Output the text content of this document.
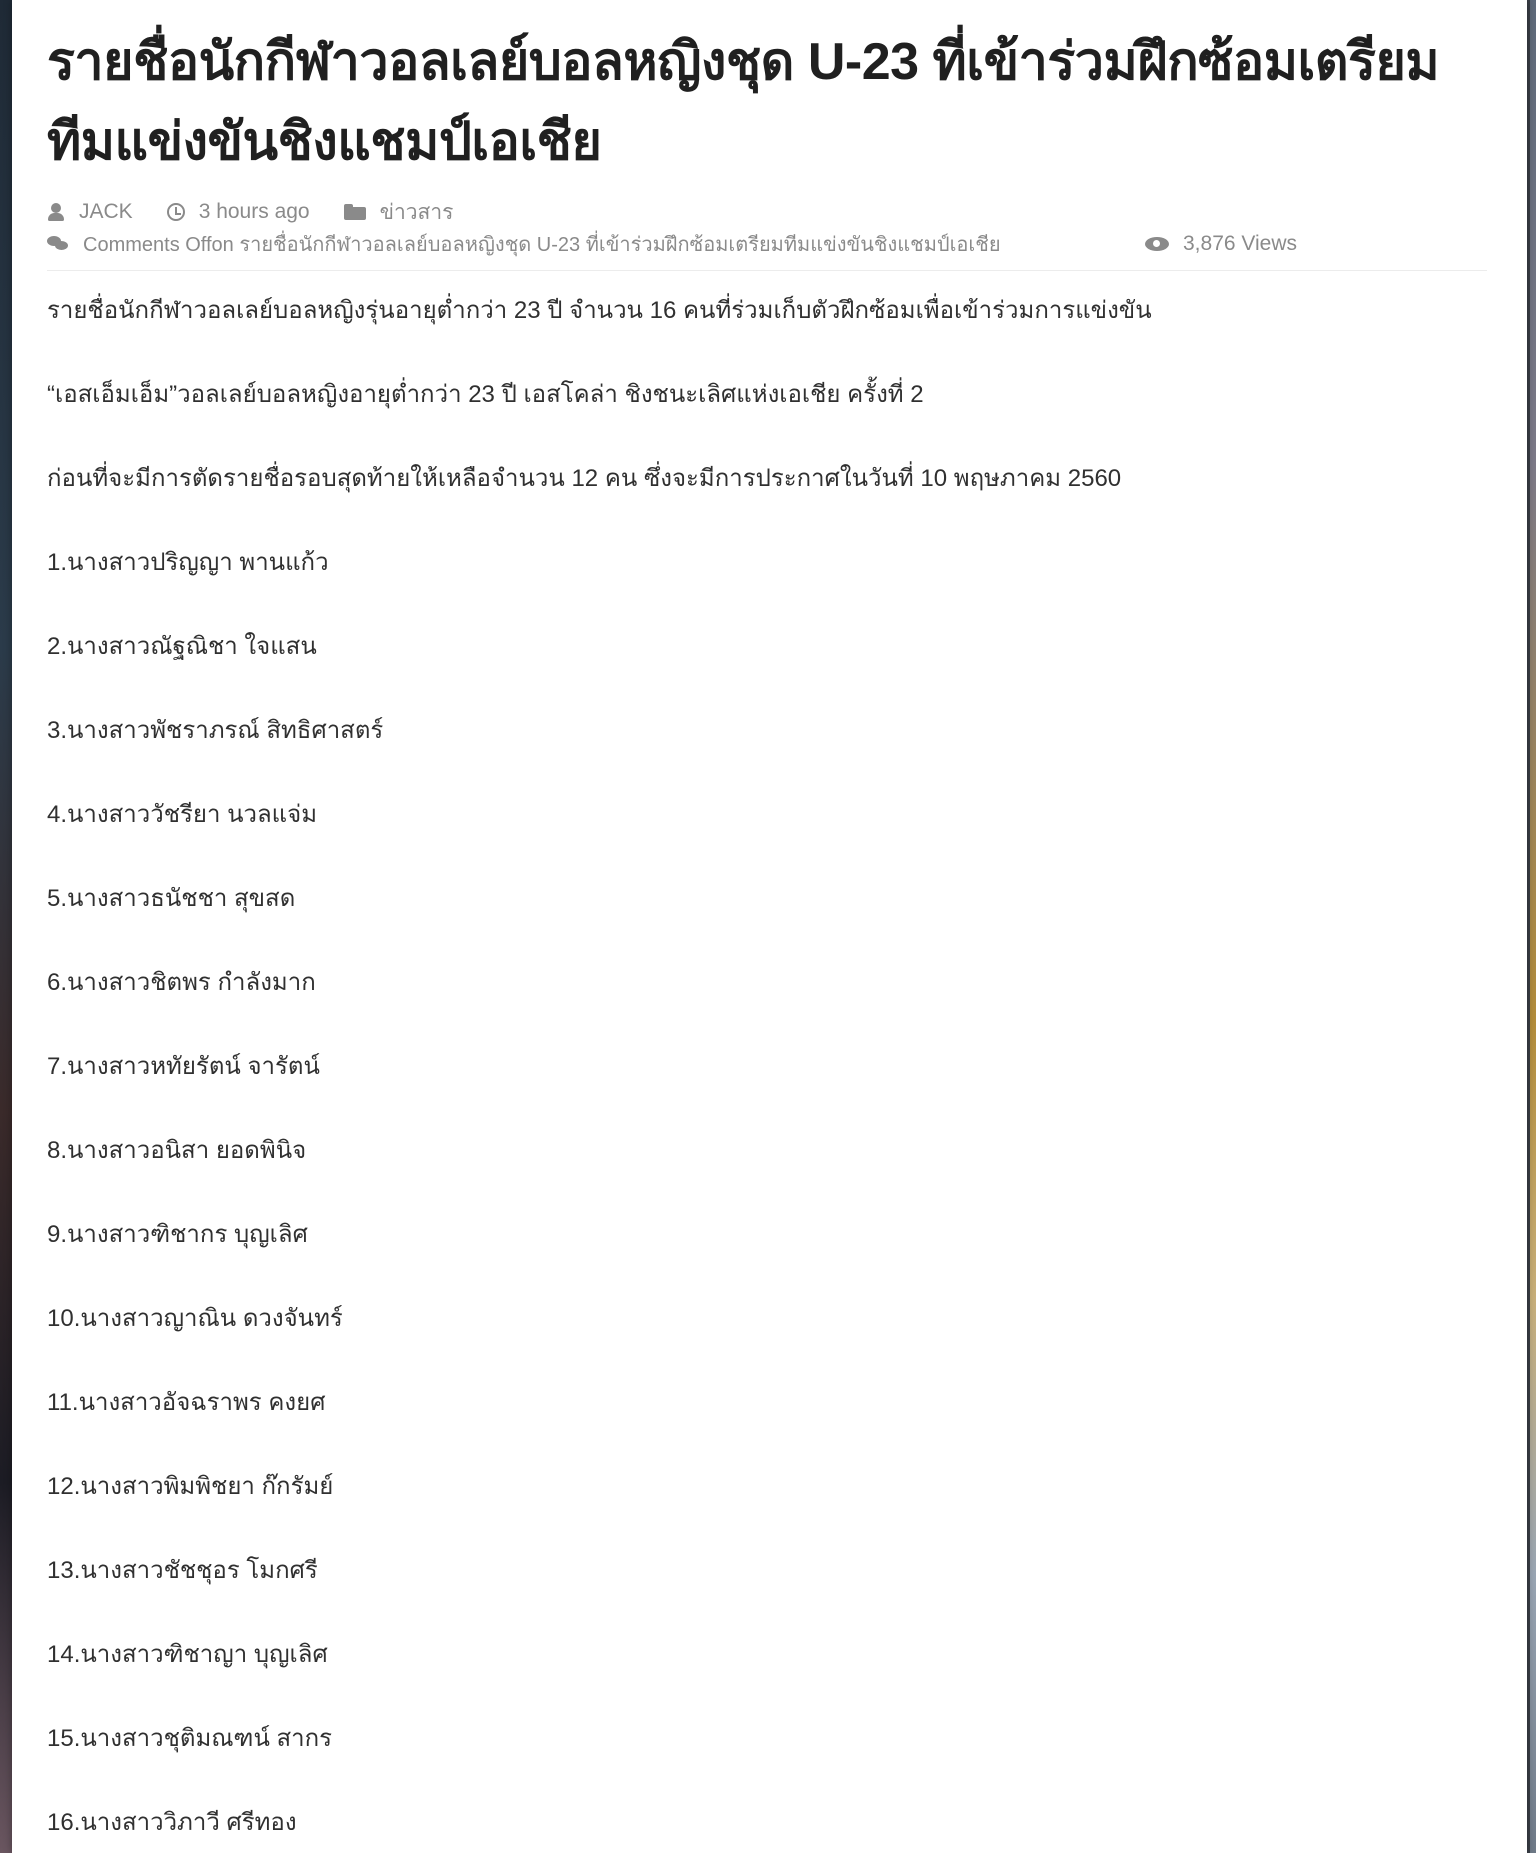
รายชื่อนักกีฬาวอลเลย์บอลหญิงชุด U-23 ที่เข้าร่วมฝึกซ้อมเตรียมทีมแข่งขันชิงแชมป์เอเชีย
JACK	3 hours ago	ข่าวสาร
Comments Offon รายชื่อนักกีฬาวอลเลย์บอลหญิงชุด U-23 ที่เข้าร่วมฝึกซ้อมเตรียมทีมแข่งขันชิงแชมป์เอเชีย	3,876 Views

รายชื่อนักกีฬาวอลเลย์บอลหญิงรุ่นอายุต่ำกว่า 23 ปี จำนวน 16 คนที่ร่วมเก็บตัวฝึกซ้อมเพื่อเข้าร่วมการแข่งขัน

“เอสเอ็มเอ็ม”วอลเลย์บอลหญิงอายุต่ำกว่า 23 ปี เอสโคล่า ชิงชนะเลิศแห่งเอเชีย ครั้งที่ 2

ก่อนที่จะมีการตัดรายชื่อรอบสุดท้ายให้เหลือจำนวน 12 คน ซึ่งจะมีการประกาศในวันที่ 10 พฤษภาคม 2560

1.นางสาวปริญญา พานแก้ว

2.นางสาวณัฐณิชา ใจแสน

3.นางสาวพัชราภรณ์ สิทธิศาสตร์

4.นางสาววัชรียา นวลแจ่ม

5.นางสาวธนัชชา สุขสด

6.นางสาวชิตพร กำลังมาก

7.นางสาวหทัยรัตน์ จารัตน์

8.นางสาวอนิสา ยอดพินิจ

9.นางสาวฑิชากร บุญเลิศ

10.นางสาวญาณิน ดวงจันทร์

11.นางสาวอัจฉราพร คงยศ

12.นางสาวพิมพิชยา ก๊กรัมย์

13.นางสาวชัชชุอร โมกศรี

14.นางสาวฑิชาญา บุญเลิศ

15.นางสาวชุติมณฑน์ สากร

16.นางสาววิภาวี ศรีทอง
